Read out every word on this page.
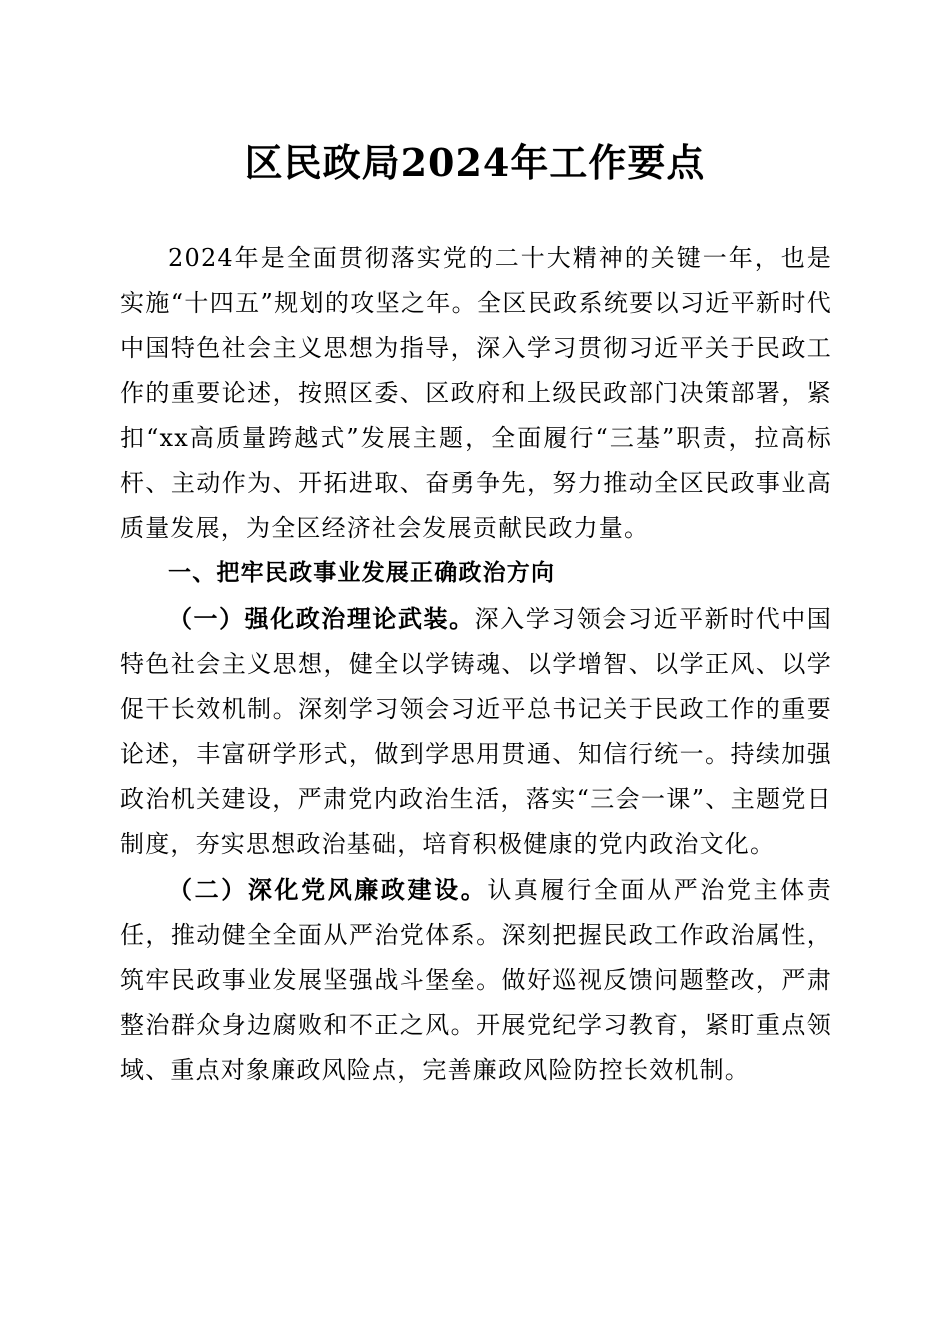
区民政局2024年工作要点

2024年是全面贯彻落实党的二十大精神的关键一年，也是实施“十四五”规划的攻坚之年。全区民政系统要以习近平新时代中国特色社会主义思想为指导，深入学习贯彻习近平关于民政工作的重要论述，按照区委、区政府和上级民政部门决策部署，紧扣“xx高质量跨越式”发展主题，全面履行“三基”职责，拉高标杆、主动作为、开拓进取、奋勇争先，努力推动全区民政事业高质量发展，为全区经济社会发展贡献民政力量。

一、把牢民政事业发展正确政治方向

（一）强化政治理论武装。深入学习领会习近平新时代中国特色社会主义思想，健全以学铸魂、以学增智、以学正风、以学促干长效机制。深刻学习领会习近平总书记关于民政工作的重要论述，丰富研学形式，做到学思用贯通、知信行统一。持续加强政治机关建设，严肃党内政治生活，落实“三会一课”、主题党日制度，夯实思想政治基础，培育积极健康的党内政治文化。

（二）深化党风廉政建设。认真履行全面从严治党主体责任，推动健全全面从严治党体系。深刻把握民政工作政治属性，筑牢民政事业发展坚强战斗堡垒。做好巡视反馈问题整改，严肃整治群众身边腐败和不正之风。开展党纪学习教育，紧盯重点领域、重点对象廉政风险点，完善廉政风险防控长效机制。
